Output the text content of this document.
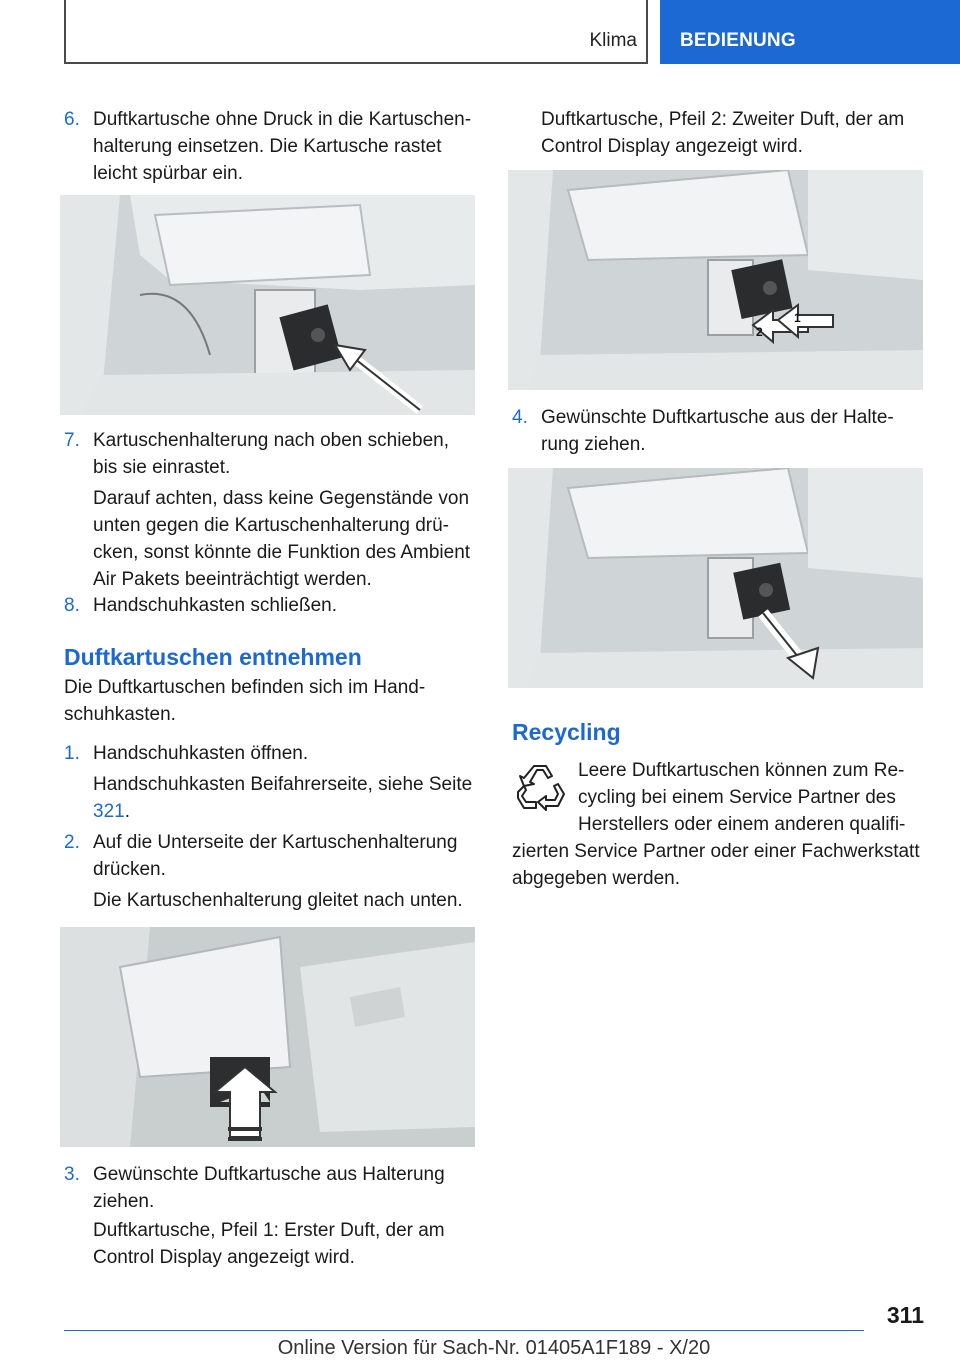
Klima	BEDIENUNG
6. Duftkartusche ohne Druck in die Kartuschen-halterung einsetzen. Die Kartusche rastet leicht spürbar ein.
7. Kartuschenhalterung nach oben schieben, bis sie einrastet.
Darauf achten, dass keine Gegenstände von unten gegen die Kartuschenhalterung drü-cken, sonst könnte die Funktion des Ambient Air Pakets beeinträchtigt werden.
8. Handschuhkasten schließen.
Duftkartuschen entnehmen
Die Duftkartuschen befinden sich im Hand-schuhkasten.
1. Handschuhkasten öffnen.
Handschuhkasten Beifahrerseite, siehe Seite 321.
2. Auf die Unterseite der Kartuschenhalterung drücken.
Die Kartuschenhalterung gleitet nach unten.
3. Gewünschte Duftkartusche aus Halterung ziehen.
Duftkartusche, Pfeil 1: Erster Duft, der am Control Display angezeigt wird.
Duftkartusche, Pfeil 2: Zweiter Duft, der am Control Display angezeigt wird.
2
1
4. Gewünschte Duftkartusche aus der Halte-rung ziehen.
Recycling
Leere Duftkartuschen können zum Re-cycling bei einem Service Partner des Herstellers oder einem anderen qualifi-zierten Service Partner oder einer Fachwerkstatt abgegeben werden.
311
Online Version für Sach-Nr. 01405A1F189 - X/20
